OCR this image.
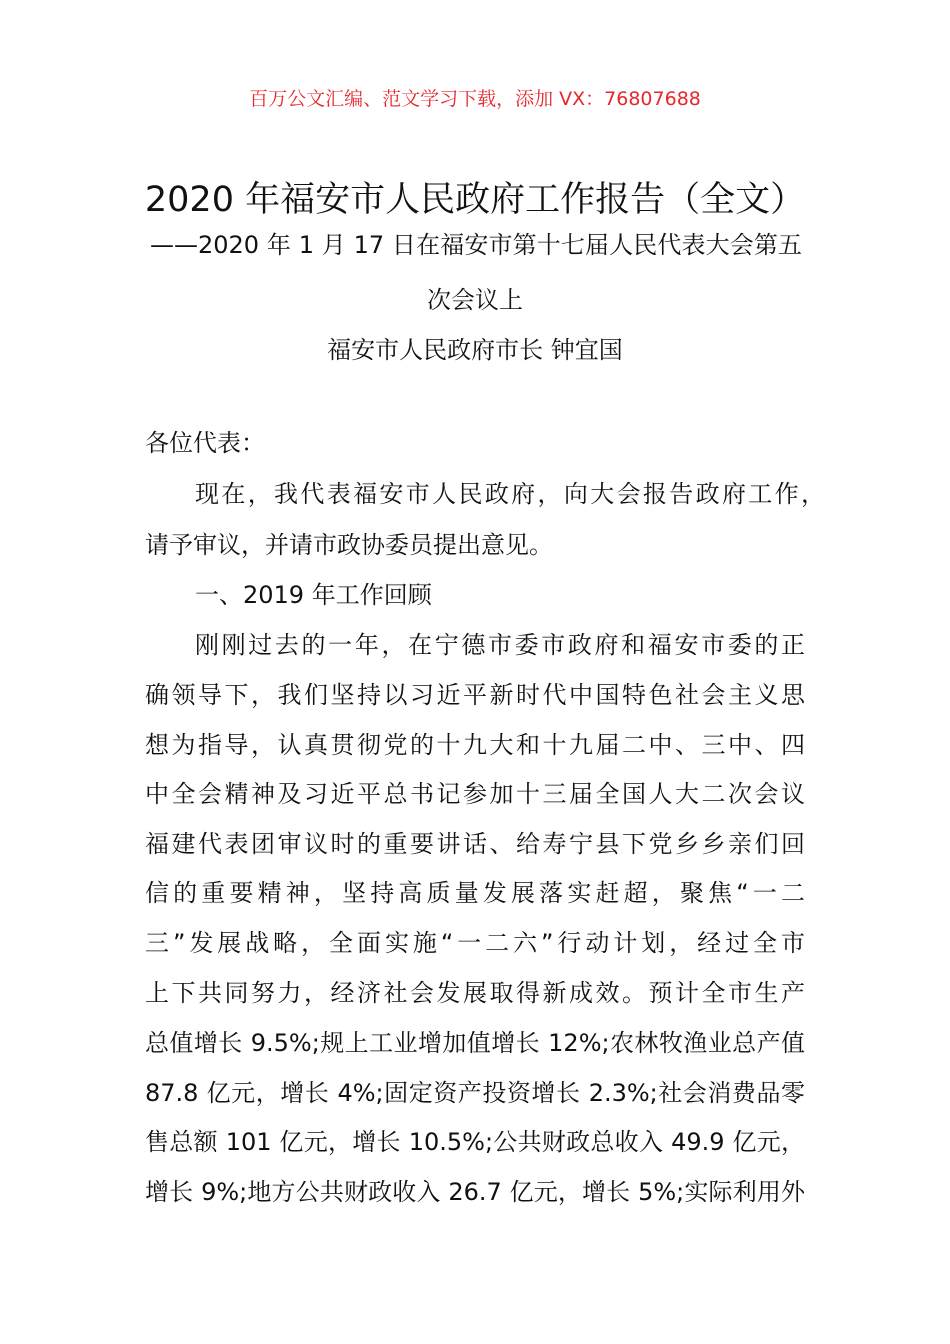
百万公文汇编、范文学习下载，添加 VX：76807688
2020 年福安市人民政府工作报告（全文）
——2020 年 1 月 17 日在福安市第十七届人民代表大会第五
次会议上
福安市人民政府市长 钟宜国
各位代表：
现在，我代表福安市人民政府，向大会报告政府工作，
请予审议，并请市政协委员提出意见。
一、2019 年工作回顾
刚刚过去的一年，在宁德市委市政府和福安市委的正
确领导下，我们坚持以习近平新时代中国特色社会主义思
想为指导，认真贯彻党的十九大和十九届二中、三中、四
中全会精神及习近平总书记参加十三届全国人大二次会议
福建代表团审议时的重要讲话、给寿宁县下党乡乡亲们回
信的重要精神，坚持高质量发展落实赶超，聚焦“一二
三”发展战略，全面实施“一二六”行动计划，经过全市
上下共同努力，经济社会发展取得新成效。预计全市生产
总值增长 9.5%;规上工业增加值增长 12%;农林牧渔业总产值
87.8 亿元，增长 4%;固定资产投资增长 2.3%;社会消费品零
售总额 101 亿元，增长 10.5%;公共财政总收入 49.9 亿元，
增长 9%;地方公共财政收入 26.7 亿元，增长 5%;实际利用外
